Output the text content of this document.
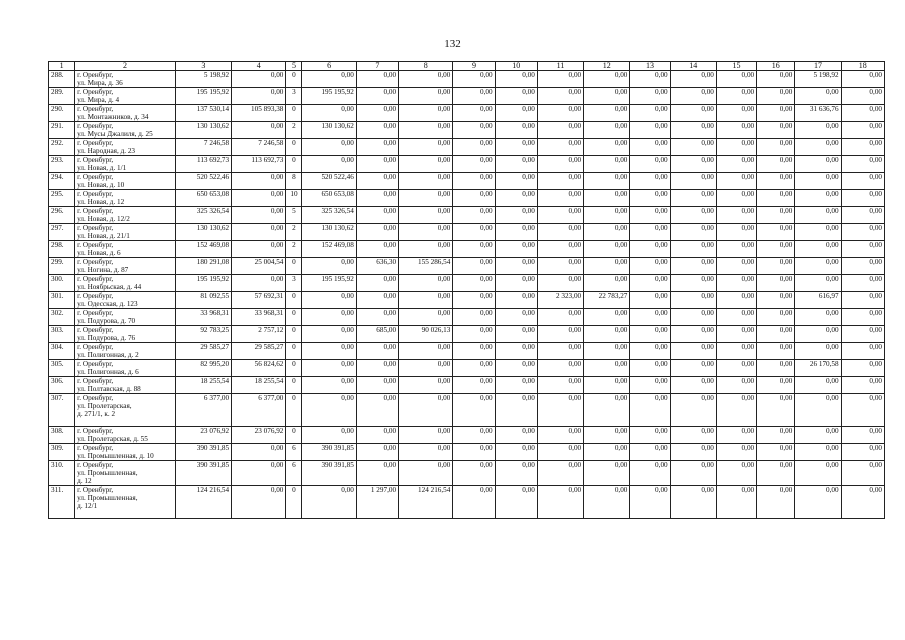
132
1	2	3	4	5	6	7	8	9	10	11	12	13	14	15	16	17	18
288.	г. Оренбург,
ул. Мира, д. 36	5 198,92	0,00	0	0,00	0,00	0,00	0,00	0,00	0,00	0,00	0,00	0,00	0,00	0,00	5 198,92	0,00
289.	г. Оренбург,
ул. Мира, д. 4	195 195,92	0,00	3	195 195,92	0,00	0,00	0,00	0,00	0,00	0,00	0,00	0,00	0,00	0,00	0,00	0,00
290.	г. Оренбург,
ул. Монтажников, д. 34	137 530,14	105 893,38	0	0,00	0,00	0,00	0,00	0,00	0,00	0,00	0,00	0,00	0,00	0,00	31 636,76	0,00
291.	г. Оренбург,
ул. Мусы Джалиля, д. 25	130 130,62	0,00	2	130 130,62	0,00	0,00	0,00	0,00	0,00	0,00	0,00	0,00	0,00	0,00	0,00	0,00
292.	г. Оренбург,
ул. Народная, д. 23	7 246,58	7 246,58	0	0,00	0,00	0,00	0,00	0,00	0,00	0,00	0,00	0,00	0,00	0,00	0,00	0,00
293.	г. Оренбург,
ул. Новая, д. 1/1	113 692,73	113 692,73	0	0,00	0,00	0,00	0,00	0,00	0,00	0,00	0,00	0,00	0,00	0,00	0,00	0,00
294.	г. Оренбург,
ул. Новая, д. 10	520 522,46	0,00	8	520 522,46	0,00	0,00	0,00	0,00	0,00	0,00	0,00	0,00	0,00	0,00	0,00	0,00
295.	г. Оренбург,
ул. Новая, д. 12	650 653,08	0,00	10	650 653,08	0,00	0,00	0,00	0,00	0,00	0,00	0,00	0,00	0,00	0,00	0,00	0,00
296.	г. Оренбург,
ул. Новая, д. 12/2	325 326,54	0,00	5	325 326,54	0,00	0,00	0,00	0,00	0,00	0,00	0,00	0,00	0,00	0,00	0,00	0,00
297.	г. Оренбург,
ул. Новая, д. 21/1	130 130,62	0,00	2	130 130,62	0,00	0,00	0,00	0,00	0,00	0,00	0,00	0,00	0,00	0,00	0,00	0,00
298.	г. Оренбург,
ул. Новая, д. 6	152 469,08	0,00	2	152 469,08	0,00	0,00	0,00	0,00	0,00	0,00	0,00	0,00	0,00	0,00	0,00	0,00
299.	г. Оренбург,
ул. Ногина, д. 87	180 291,08	25 004,54	0	0,00	636,30	155 286,54	0,00	0,00	0,00	0,00	0,00	0,00	0,00	0,00	0,00	0,00
300.	г. Оренбург,
ул. Ноябрьская, д. 44	195 195,92	0,00	3	195 195,92	0,00	0,00	0,00	0,00	0,00	0,00	0,00	0,00	0,00	0,00	0,00	0,00
301.	г. Оренбург,
ул. Одесская, д. 123	81 092,55	57 692,31	0	0,00	0,00	0,00	0,00	0,00	2 323,00	22 783,27	0,00	0,00	0,00	0,00	616,97	0,00
302.	г. Оренбург,
ул. Подурова, д. 70	33 968,31	33 968,31	0	0,00	0,00	0,00	0,00	0,00	0,00	0,00	0,00	0,00	0,00	0,00	0,00	0,00
303.	г. Оренбург,
ул. Подурова, д. 76	92 783,25	2 757,12	0	0,00	685,00	90 026,13	0,00	0,00	0,00	0,00	0,00	0,00	0,00	0,00	0,00	0,00
304.	г. Оренбург,
ул. Полигонная, д. 2	29 585,27	29 585,27	0	0,00	0,00	0,00	0,00	0,00	0,00	0,00	0,00	0,00	0,00	0,00	0,00	0,00
305.	г. Оренбург,
ул. Полигонная, д. 6	82 995,20	56 824,62	0	0,00	0,00	0,00	0,00	0,00	0,00	0,00	0,00	0,00	0,00	0,00	26 170,58	0,00
306.	г. Оренбург,
ул. Полтавская, д. 88	18 255,54	18 255,54	0	0,00	0,00	0,00	0,00	0,00	0,00	0,00	0,00	0,00	0,00	0,00	0,00	0,00
307.	г. Оренбург,
ул. Пролетарская,
д. 271/1, к. 2	6 377,00	6 377,00	0	0,00	0,00	0,00	0,00	0,00	0,00	0,00	0,00	0,00	0,00	0,00	0,00	0,00
308.	г. Оренбург,
ул. Пролетарская, д. 55	23 076,92	23 076,92	0	0,00	0,00	0,00	0,00	0,00	0,00	0,00	0,00	0,00	0,00	0,00	0,00	0,00
309.	г. Оренбург,
ул. Промышленная, д. 10	390 391,85	0,00	6	390 391,85	0,00	0,00	0,00	0,00	0,00	0,00	0,00	0,00	0,00	0,00	0,00	0,00
310.	г. Оренбург,
ул. Промышленная,
д. 12	390 391,85	0,00	6	390 391,85	0,00	0,00	0,00	0,00	0,00	0,00	0,00	0,00	0,00	0,00	0,00	0,00
311.	г. Оренбург,
ул. Промышленная,
д. 12/1	124 216,54	0,00	0	0,00	1 297,00	124 216,54	0,00	0,00	0,00	0,00	0,00	0,00	0,00	0,00	0,00	0,00
